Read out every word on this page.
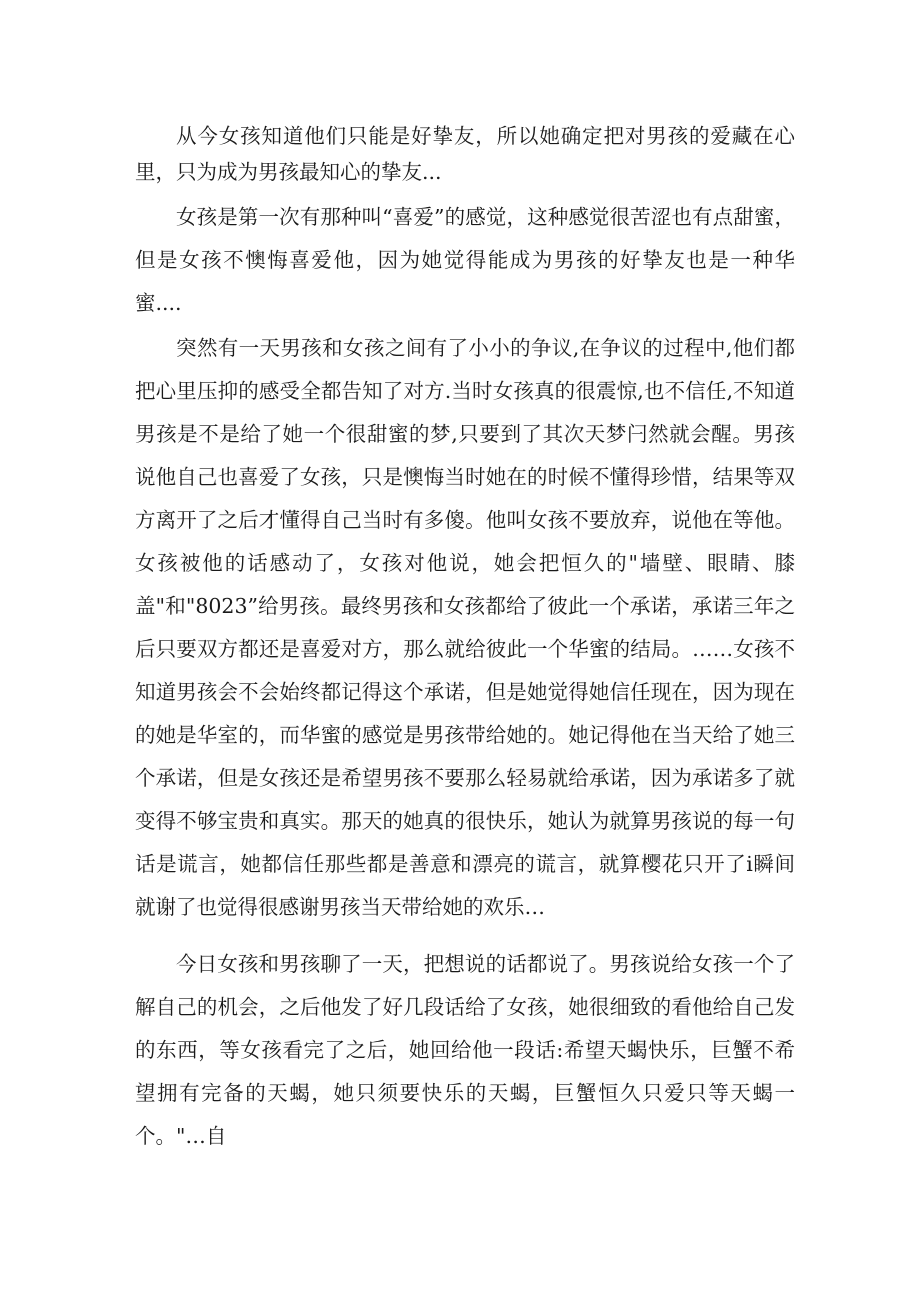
从今女孩知道他们只能是好挚友，所以她确定把对男孩的爱藏在心里，只为成为男孩最知心的挚友...

女孩是第一次有那种叫“喜爱”的感觉，这种感觉很苦涩也有点甜蜜，但是女孩不懊悔喜爱他，因为她觉得能成为男孩的好挚友也是一种华蜜....

突然有一天男孩和女孩之间有了小小的争议,在争议的过程中,他们都把心里压抑的感受全都告知了对方.当时女孩真的很震惊,也不信任,不知道男孩是不是给了她一个很甜蜜的梦,只要到了其次天梦闩然就会醒。男孩说他自己也喜爱了女孩，只是懊悔当时她在的时候不懂得珍惜，结果等双方离开了之后才懂得自己当时有多傻。他叫女孩不要放弃，说他在等他。女孩被他的话感动了，女孩对他说，她会把恒久的"墙壁、眼睛、膝盖"和"8023”给男孩。最终男孩和女孩都给了彼此一个承诺，承诺三年之后只要双方都还是喜爱对方，那么就给彼此一个华蜜的结局。……女孩不知道男孩会不会始终都记得这个承诺，但是她觉得她信任现在，因为现在的她是华室的，而华蜜的感觉是男孩带给她的。她记得他在当天给了她三个承诺，但是女孩还是希望男孩不要那么轻易就给承诺，因为承诺多了就变得不够宝贵和真实。那天的她真的很快乐，她认为就算男孩说的每一句话是谎言，她都信任那些都是善意和漂亮的谎言，就算樱花只开了i瞬间就谢了也觉得很感谢男孩当天带给她的欢乐…

今日女孩和男孩聊了一天，把想说的话都说了。男孩说给女孩一个了解自己的机会，之后他发了好几段话给了女孩，她很细致的看他给自己发的东西，等女孩看完了之后，她回给他一段话:希望天蝎快乐，巨蟹不希望拥有完备的天蝎，她只须要快乐的天蝎，巨蟹恒久只爱只等天蝎一个。"…自
